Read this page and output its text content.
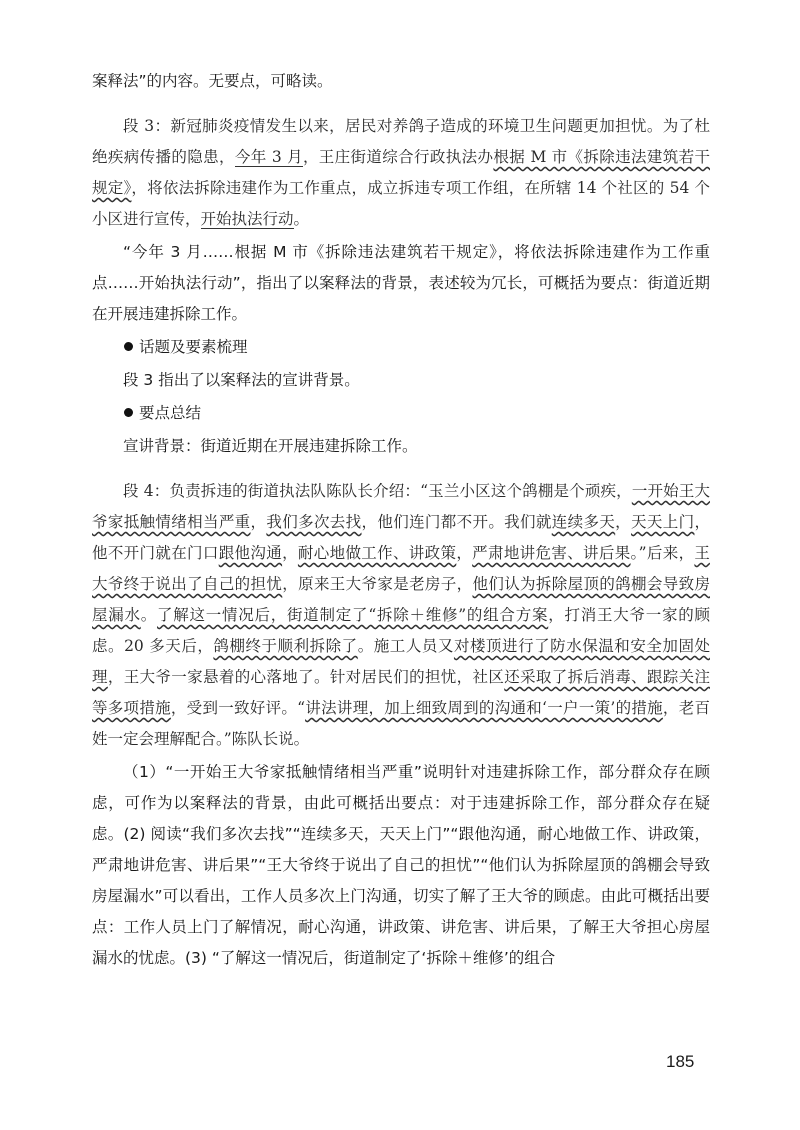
案释法”的内容。无要点，可略读。

段 3：新冠肺炎疫情发生以来，居民对养鸽子造成的环境卫生问题更加担忧。为了杜绝疾病传播的隐患，今年 3 月，王庄街道综合行政执法办根据 M 市《拆除违法建筑若干规定》，将依法拆除违建作为工作重点，成立拆违专项工作组，在所辖 14 个社区的 54 个小区进行宣传，开始执法行动。

“今年 3 月……根据 M 市《拆除违法建筑若干规定》，将依法拆除违建作为工作重点……开始执法行动”，指出了以案释法的背景，表述较为冗长，可概括为要点：街道近期在开展违建拆除工作。

话题及要素梳理

段 3 指出了以案释法的宣讲背景。

要点总结

宣讲背景：街道近期在开展违建拆除工作。

段 4：负责拆违的街道执法队陈队长介绍：“玉兰小区这个鸽棚是个顽疾，一开始王大爷家抵触情绪相当严重，我们多次去找，他们连门都不开。我们就连续多天，天天上门，他不开门就在门口跟他沟通，耐心地做工作、讲政策，严肃地讲危害、讲后果。”后来，王大爷终于说出了自己的担忧，原来王大爷家是老房子，他们认为拆除屋顶的鸽棚会导致房屋漏水。了解这一情况后，街道制定了“拆除＋维修”的组合方案，打消王大爷一家的顾虑。20 多天后，鸽棚终于顺利拆除了。施工人员又对楼顶进行了防水保温和安全加固处理，王大爷一家悬着的心落地了。针对居民们的担忧，社区还采取了拆后消毒、跟踪关注等多项措施，受到一致好评。“讲法讲理，加上细致周到的沟通和‘一户一策’的措施，老百姓一定会理解配合。”陈队长说。

（1）“一开始王大爷家抵触情绪相当严重”说明针对违建拆除工作，部分群众存在顾虑，可作为以案释法的背景，由此可概括出要点：对于违建拆除工作，部分群众存在疑虑。(2) 阅读“我们多次去找”“连续多天，天天上门”“跟他沟通，耐心地做工作、讲政策，严肃地讲危害、讲后果”“王大爷终于说出了自己的担忧”“他们认为拆除屋顶的鸽棚会导致房屋漏水”可以看出，工作人员多次上门沟通，切实了解了王大爷的顾虑。由此可概括出要点：工作人员上门了解情况，耐心沟通，讲政策、讲危害、讲后果，了解王大爷担心房屋漏水的忧虑。(3) “了解这一情况后，街道制定了‘拆除＋维修’的组合

185
